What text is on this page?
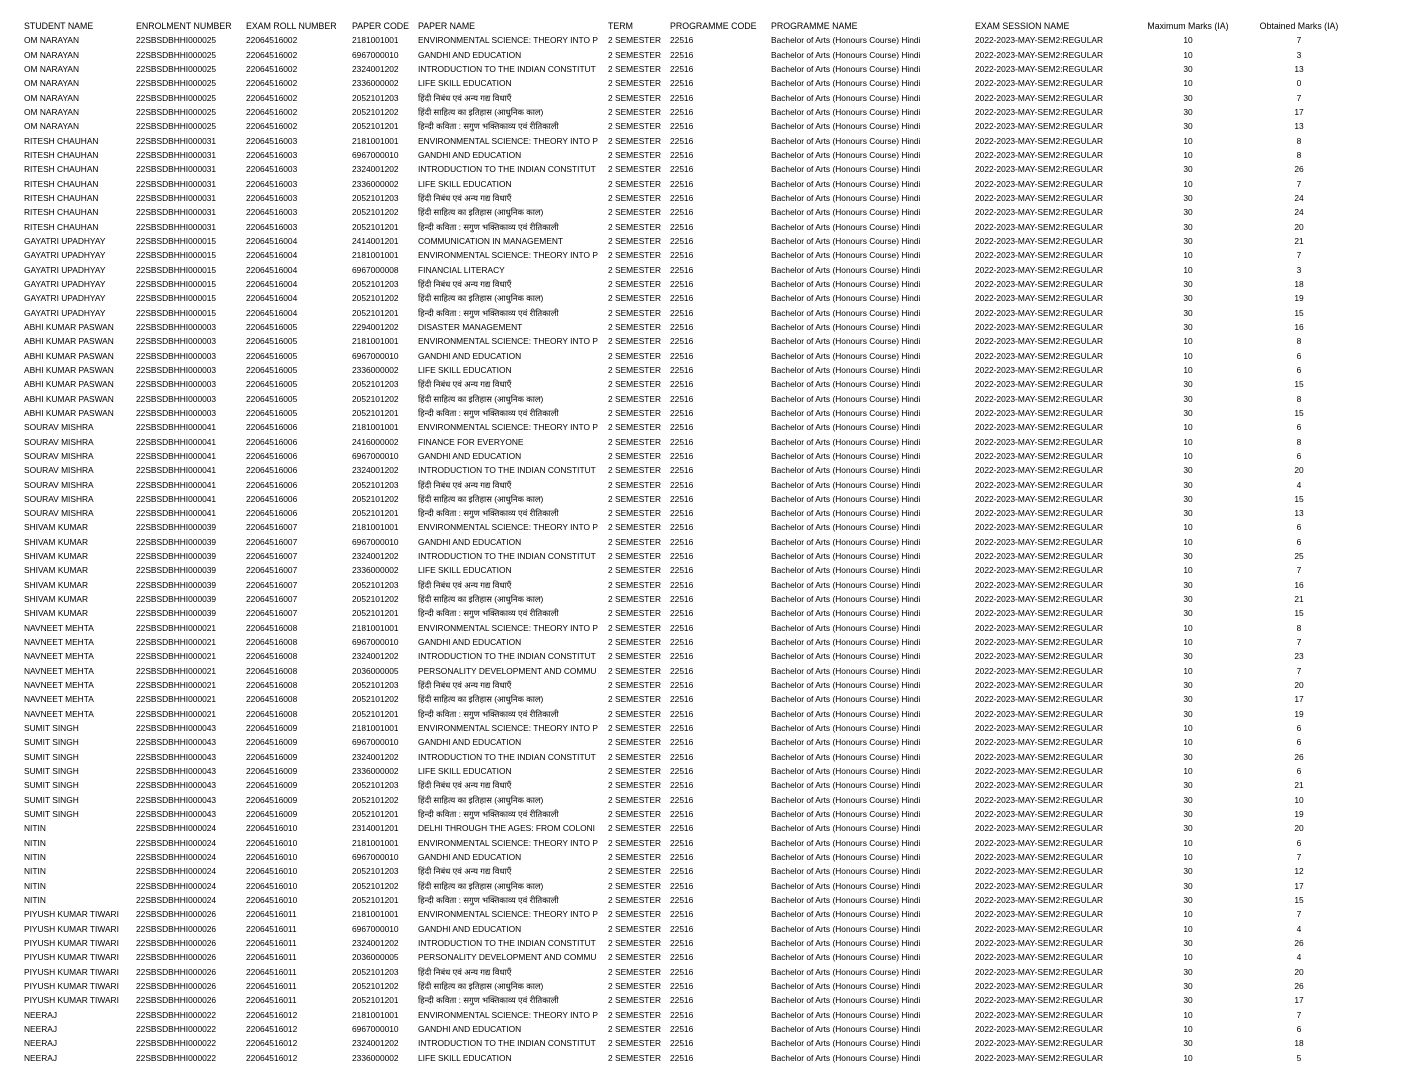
STUDENT NAME	ENROLMENT NUMBER	EXAM ROLL NUMBER	PAPER CODE	PAPER NAME	TERM	PROGRAMME CODE	PROGRAMME NAME	EXAM SESSION NAME	Maximum Marks (IA)	Obtained Marks (IA)
OM NARAYAN	22SBSDBHHI000025	22064516002	2181001001	ENVIRONMENTAL SCIENCE: THEORY INTO P	2 SEMESTER	22516	Bachelor of Arts (Honours Course) Hindi	2022-2023-MAY-SEM2:REGULAR	10	7
OM NARAYAN	22SBSDBHHI000025	22064516002	6967000010	GANDHI AND EDUCATION	2 SEMESTER	22516	Bachelor of Arts (Honours Course) Hindi	2022-2023-MAY-SEM2:REGULAR	10	3
OM NARAYAN	22SBSDBHHI000025	22064516002	2324001202	INTRODUCTION TO THE INDIAN CONSTITUT	2 SEMESTER	22516	Bachelor of Arts (Honours Course) Hindi	2022-2023-MAY-SEM2:REGULAR	30	13
OM NARAYAN	22SBSDBHHI000025	22064516002	2336000002	LIFE SKILL EDUCATION	2 SEMESTER	22516	Bachelor of Arts (Honours Course) Hindi	2022-2023-MAY-SEM2:REGULAR	10	0
OM NARAYAN	22SBSDBHHI000025	22064516002	2052101203	हिंदी निबंध एवं अन्य गद्य विधाएँ	2 SEMESTER	22516	Bachelor of Arts (Honours Course) Hindi	2022-2023-MAY-SEM2:REGULAR	30	7
OM NARAYAN	22SBSDBHHI000025	22064516002	2052101202	हिंदी साहित्य का इतिहास (आधुनिक काल)	2 SEMESTER	22516	Bachelor of Arts (Honours Course) Hindi	2022-2023-MAY-SEM2:REGULAR	30	17
OM NARAYAN	22SBSDBHHI000025	22064516002	2052101201	हिन्दी कविता : सगुण भक्तिकाव्य एवं रीतिकाली	2 SEMESTER	22516	Bachelor of Arts (Honours Course) Hindi	2022-2023-MAY-SEM2:REGULAR	30	13
RITESH CHAUHAN	22SBSDBHHI000031	22064516003	2181001001	ENVIRONMENTAL SCIENCE: THEORY INTO P	2 SEMESTER	22516	Bachelor of Arts (Honours Course) Hindi	2022-2023-MAY-SEM2:REGULAR	10	8
RITESH CHAUHAN	22SBSDBHHI000031	22064516003	6967000010	GANDHI AND EDUCATION	2 SEMESTER	22516	Bachelor of Arts (Honours Course) Hindi	2022-2023-MAY-SEM2:REGULAR	10	8
RITESH CHAUHAN	22SBSDBHHI000031	22064516003	2324001202	INTRODUCTION TO THE INDIAN CONSTITUT	2 SEMESTER	22516	Bachelor of Arts (Honours Course) Hindi	2022-2023-MAY-SEM2:REGULAR	30	26
RITESH CHAUHAN	22SBSDBHHI000031	22064516003	2336000002	LIFE SKILL EDUCATION	2 SEMESTER	22516	Bachelor of Arts (Honours Course) Hindi	2022-2023-MAY-SEM2:REGULAR	10	7
RITESH CHAUHAN	22SBSDBHHI000031	22064516003	2052101203	हिंदी निबंध एवं अन्य गद्य विधाएँ	2 SEMESTER	22516	Bachelor of Arts (Honours Course) Hindi	2022-2023-MAY-SEM2:REGULAR	30	24
RITESH CHAUHAN	22SBSDBHHI000031	22064516003	2052101202	हिंदी साहित्य का इतिहास (आधुनिक काल)	2 SEMESTER	22516	Bachelor of Arts (Honours Course) Hindi	2022-2023-MAY-SEM2:REGULAR	30	24
RITESH CHAUHAN	22SBSDBHHI000031	22064516003	2052101201	हिन्दी कविता : सगुण भक्तिकाव्य एवं रीतिकाली	2 SEMESTER	22516	Bachelor of Arts (Honours Course) Hindi	2022-2023-MAY-SEM2:REGULAR	30	20
GAYATRI UPADHYAY	22SBSDBHHI000015	22064516004	2414001201	COMMUNICATION IN MANAGEMENT	2 SEMESTER	22516	Bachelor of Arts (Honours Course) Hindi	2022-2023-MAY-SEM2:REGULAR	30	21
GAYATRI UPADHYAY	22SBSDBHHI000015	22064516004	2181001001	ENVIRONMENTAL SCIENCE: THEORY INTO P	2 SEMESTER	22516	Bachelor of Arts (Honours Course) Hindi	2022-2023-MAY-SEM2:REGULAR	10	7
GAYATRI UPADHYAY	22SBSDBHHI000015	22064516004	6967000008	FINANCIAL LITERACY	2 SEMESTER	22516	Bachelor of Arts (Honours Course) Hindi	2022-2023-MAY-SEM2:REGULAR	10	3
GAYATRI UPADHYAY	22SBSDBHHI000015	22064516004	2052101203	हिंदी निबंध एवं अन्य गद्य विधाएँ	2 SEMESTER	22516	Bachelor of Arts (Honours Course) Hindi	2022-2023-MAY-SEM2:REGULAR	30	18
GAYATRI UPADHYAY	22SBSDBHHI000015	22064516004	2052101202	हिंदी साहित्य का इतिहास (आधुनिक काल)	2 SEMESTER	22516	Bachelor of Arts (Honours Course) Hindi	2022-2023-MAY-SEM2:REGULAR	30	19
GAYATRI UPADHYAY	22SBSDBHHI000015	22064516004	2052101201	हिन्दी कविता : सगुण भक्तिकाव्य एवं रीतिकाली	2 SEMESTER	22516	Bachelor of Arts (Honours Course) Hindi	2022-2023-MAY-SEM2:REGULAR	30	15
ABHI KUMAR PASWAN	22SBSDBHHI000003	22064516005	2294001202	DISASTER MANAGEMENT	2 SEMESTER	22516	Bachelor of Arts (Honours Course) Hindi	2022-2023-MAY-SEM2:REGULAR	30	16
ABHI KUMAR PASWAN	22SBSDBHHI000003	22064516005	2181001001	ENVIRONMENTAL SCIENCE: THEORY INTO P	2 SEMESTER	22516	Bachelor of Arts (Honours Course) Hindi	2022-2023-MAY-SEM2:REGULAR	10	8
ABHI KUMAR PASWAN	22SBSDBHHI000003	22064516005	6967000010	GANDHI AND EDUCATION	2 SEMESTER	22516	Bachelor of Arts (Honours Course) Hindi	2022-2023-MAY-SEM2:REGULAR	10	6
ABHI KUMAR PASWAN	22SBSDBHHI000003	22064516005	2336000002	LIFE SKILL EDUCATION	2 SEMESTER	22516	Bachelor of Arts (Honours Course) Hindi	2022-2023-MAY-SEM2:REGULAR	10	6
ABHI KUMAR PASWAN	22SBSDBHHI000003	22064516005	2052101203	हिंदी निबंध एवं अन्य गद्य विधाएँ	2 SEMESTER	22516	Bachelor of Arts (Honours Course) Hindi	2022-2023-MAY-SEM2:REGULAR	30	15
ABHI KUMAR PASWAN	22SBSDBHHI000003	22064516005	2052101202	हिंदी साहित्य का इतिहास (आधुनिक काल)	2 SEMESTER	22516	Bachelor of Arts (Honours Course) Hindi	2022-2023-MAY-SEM2:REGULAR	30	8
ABHI KUMAR PASWAN	22SBSDBHHI000003	22064516005	2052101201	हिन्दी कविता : सगुण भक्तिकाव्य एवं रीतिकाली	2 SEMESTER	22516	Bachelor of Arts (Honours Course) Hindi	2022-2023-MAY-SEM2:REGULAR	30	15
SOURAV MISHRA	22SBSDBHHI000041	22064516006	2181001001	ENVIRONMENTAL SCIENCE: THEORY INTO P	2 SEMESTER	22516	Bachelor of Arts (Honours Course) Hindi	2022-2023-MAY-SEM2:REGULAR	10	6
SOURAV MISHRA	22SBSDBHHI000041	22064516006	2416000002	FINANCE FOR EVERYONE	2 SEMESTER	22516	Bachelor of Arts (Honours Course) Hindi	2022-2023-MAY-SEM2:REGULAR	10	8
SOURAV MISHRA	22SBSDBHHI000041	22064516006	6967000010	GANDHI AND EDUCATION	2 SEMESTER	22516	Bachelor of Arts (Honours Course) Hindi	2022-2023-MAY-SEM2:REGULAR	10	6
SOURAV MISHRA	22SBSDBHHI000041	22064516006	2324001202	INTRODUCTION TO THE INDIAN CONSTITUT	2 SEMESTER	22516	Bachelor of Arts (Honours Course) Hindi	2022-2023-MAY-SEM2:REGULAR	30	20
SOURAV MISHRA	22SBSDBHHI000041	22064516006	2052101203	हिंदी निबंध एवं अन्य गद्य विधाएँ	2 SEMESTER	22516	Bachelor of Arts (Honours Course) Hindi	2022-2023-MAY-SEM2:REGULAR	30	4
SOURAV MISHRA	22SBSDBHHI000041	22064516006	2052101202	हिंदी साहित्य का इतिहास (आधुनिक काल)	2 SEMESTER	22516	Bachelor of Arts (Honours Course) Hindi	2022-2023-MAY-SEM2:REGULAR	30	15
SOURAV MISHRA	22SBSDBHHI000041	22064516006	2052101201	हिन्दी कविता : सगुण भक्तिकाव्य एवं रीतिकाली	2 SEMESTER	22516	Bachelor of Arts (Honours Course) Hindi	2022-2023-MAY-SEM2:REGULAR	30	13
SHIVAM KUMAR	22SBSDBHHI000039	22064516007	2181001001	ENVIRONMENTAL SCIENCE: THEORY INTO P	2 SEMESTER	22516	Bachelor of Arts (Honours Course) Hindi	2022-2023-MAY-SEM2:REGULAR	10	6
SHIVAM KUMAR	22SBSDBHHI000039	22064516007	6967000010	GANDHI AND EDUCATION	2 SEMESTER	22516	Bachelor of Arts (Honours Course) Hindi	2022-2023-MAY-SEM2:REGULAR	10	6
SHIVAM KUMAR	22SBSDBHHI000039	22064516007	2324001202	INTRODUCTION TO THE INDIAN CONSTITUT	2 SEMESTER	22516	Bachelor of Arts (Honours Course) Hindi	2022-2023-MAY-SEM2:REGULAR	30	25
SHIVAM KUMAR	22SBSDBHHI000039	22064516007	2336000002	LIFE SKILL EDUCATION	2 SEMESTER	22516	Bachelor of Arts (Honours Course) Hindi	2022-2023-MAY-SEM2:REGULAR	10	7
SHIVAM KUMAR	22SBSDBHHI000039	22064516007	2052101203	हिंदी निबंध एवं अन्य गद्य विधाएँ	2 SEMESTER	22516	Bachelor of Arts (Honours Course) Hindi	2022-2023-MAY-SEM2:REGULAR	30	16
SHIVAM KUMAR	22SBSDBHHI000039	22064516007	2052101202	हिंदी साहित्य का इतिहास (आधुनिक काल)	2 SEMESTER	22516	Bachelor of Arts (Honours Course) Hindi	2022-2023-MAY-SEM2:REGULAR	30	21
SHIVAM KUMAR	22SBSDBHHI000039	22064516007	2052101201	हिन्दी कविता : सगुण भक्तिकाव्य एवं रीतिकाली	2 SEMESTER	22516	Bachelor of Arts (Honours Course) Hindi	2022-2023-MAY-SEM2:REGULAR	30	15
NAVNEET MEHTA	22SBSDBHHI000021	22064516008	2181001001	ENVIRONMENTAL SCIENCE: THEORY INTO P	2 SEMESTER	22516	Bachelor of Arts (Honours Course) Hindi	2022-2023-MAY-SEM2:REGULAR	10	8
NAVNEET MEHTA	22SBSDBHHI000021	22064516008	6967000010	GANDHI AND EDUCATION	2 SEMESTER	22516	Bachelor of Arts (Honours Course) Hindi	2022-2023-MAY-SEM2:REGULAR	10	7
NAVNEET MEHTA	22SBSDBHHI000021	22064516008	2324001202	INTRODUCTION TO THE INDIAN CONSTITUT	2 SEMESTER	22516	Bachelor of Arts (Honours Course) Hindi	2022-2023-MAY-SEM2:REGULAR	30	23
NAVNEET MEHTA	22SBSDBHHI000021	22064516008	2036000005	PERSONALITY DEVELOPMENT AND COMMU	2 SEMESTER	22516	Bachelor of Arts (Honours Course) Hindi	2022-2023-MAY-SEM2:REGULAR	10	7
NAVNEET MEHTA	22SBSDBHHI000021	22064516008	2052101203	हिंदी निबंध एवं अन्य गद्य विधाएँ	2 SEMESTER	22516	Bachelor of Arts (Honours Course) Hindi	2022-2023-MAY-SEM2:REGULAR	30	20
NAVNEET MEHTA	22SBSDBHHI000021	22064516008	2052101202	हिंदी साहित्य का इतिहास (आधुनिक काल)	2 SEMESTER	22516	Bachelor of Arts (Honours Course) Hindi	2022-2023-MAY-SEM2:REGULAR	30	17
NAVNEET MEHTA	22SBSDBHHI000021	22064516008	2052101201	हिन्दी कविता : सगुण भक्तिकाव्य एवं रीतिकाली	2 SEMESTER	22516	Bachelor of Arts (Honours Course) Hindi	2022-2023-MAY-SEM2:REGULAR	30	19
SUMIT SINGH	22SBSDBHHI000043	22064516009	2181001001	ENVIRONMENTAL SCIENCE: THEORY INTO P	2 SEMESTER	22516	Bachelor of Arts (Honours Course) Hindi	2022-2023-MAY-SEM2:REGULAR	10	6
SUMIT SINGH	22SBSDBHHI000043	22064516009	6967000010	GANDHI AND EDUCATION	2 SEMESTER	22516	Bachelor of Arts (Honours Course) Hindi	2022-2023-MAY-SEM2:REGULAR	10	6
SUMIT SINGH	22SBSDBHHI000043	22064516009	2324001202	INTRODUCTION TO THE INDIAN CONSTITUT	2 SEMESTER	22516	Bachelor of Arts (Honours Course) Hindi	2022-2023-MAY-SEM2:REGULAR	30	26
SUMIT SINGH	22SBSDBHHI000043	22064516009	2336000002	LIFE SKILL EDUCATION	2 SEMESTER	22516	Bachelor of Arts (Honours Course) Hindi	2022-2023-MAY-SEM2:REGULAR	10	6
SUMIT SINGH	22SBSDBHHI000043	22064516009	2052101203	हिंदी निबंध एवं अन्य गद्य विधाएँ	2 SEMESTER	22516	Bachelor of Arts (Honours Course) Hindi	2022-2023-MAY-SEM2:REGULAR	30	21
SUMIT SINGH	22SBSDBHHI000043	22064516009	2052101202	हिंदी साहित्य का इतिहास (आधुनिक काल)	2 SEMESTER	22516	Bachelor of Arts (Honours Course) Hindi	2022-2023-MAY-SEM2:REGULAR	30	10
SUMIT SINGH	22SBSDBHHI000043	22064516009	2052101201	हिन्दी कविता : सगुण भक्तिकाव्य एवं रीतिकाली	2 SEMESTER	22516	Bachelor of Arts (Honours Course) Hindi	2022-2023-MAY-SEM2:REGULAR	30	19
NITIN	22SBSDBHHI000024	22064516010	2314001201	DELHI THROUGH THE AGES: FROM COLONI	2 SEMESTER	22516	Bachelor of Arts (Honours Course) Hindi	2022-2023-MAY-SEM2:REGULAR	30	20
NITIN	22SBSDBHHI000024	22064516010	2181001001	ENVIRONMENTAL SCIENCE: THEORY INTO P	2 SEMESTER	22516	Bachelor of Arts (Honours Course) Hindi	2022-2023-MAY-SEM2:REGULAR	10	6
NITIN	22SBSDBHHI000024	22064516010	6967000010	GANDHI AND EDUCATION	2 SEMESTER	22516	Bachelor of Arts (Honours Course) Hindi	2022-2023-MAY-SEM2:REGULAR	10	7
NITIN	22SBSDBHHI000024	22064516010	2052101203	हिंदी निबंध एवं अन्य गद्य विधाएँ	2 SEMESTER	22516	Bachelor of Arts (Honours Course) Hindi	2022-2023-MAY-SEM2:REGULAR	30	12
NITIN	22SBSDBHHI000024	22064516010	2052101202	हिंदी साहित्य का इतिहास (आधुनिक काल)	2 SEMESTER	22516	Bachelor of Arts (Honours Course) Hindi	2022-2023-MAY-SEM2:REGULAR	30	17
NITIN	22SBSDBHHI000024	22064516010	2052101201	हिन्दी कविता : सगुण भक्तिकाव्य एवं रीतिकाली	2 SEMESTER	22516	Bachelor of Arts (Honours Course) Hindi	2022-2023-MAY-SEM2:REGULAR	30	15
PIYUSH KUMAR TIWARI	22SBSDBHHI000026	22064516011	2181001001	ENVIRONMENTAL SCIENCE: THEORY INTO P	2 SEMESTER	22516	Bachelor of Arts (Honours Course) Hindi	2022-2023-MAY-SEM2:REGULAR	10	7
PIYUSH KUMAR TIWARI	22SBSDBHHI000026	22064516011	6967000010	GANDHI AND EDUCATION	2 SEMESTER	22516	Bachelor of Arts (Honours Course) Hindi	2022-2023-MAY-SEM2:REGULAR	10	4
PIYUSH KUMAR TIWARI	22SBSDBHHI000026	22064516011	2324001202	INTRODUCTION TO THE INDIAN CONSTITUT	2 SEMESTER	22516	Bachelor of Arts (Honours Course) Hindi	2022-2023-MAY-SEM2:REGULAR	30	26
PIYUSH KUMAR TIWARI	22SBSDBHHI000026	22064516011	2036000005	PERSONALITY DEVELOPMENT AND COMMU	2 SEMESTER	22516	Bachelor of Arts (Honours Course) Hindi	2022-2023-MAY-SEM2:REGULAR	10	4
PIYUSH KUMAR TIWARI	22SBSDBHHI000026	22064516011	2052101203	हिंदी निबंध एवं अन्य गद्य विधाएँ	2 SEMESTER	22516	Bachelor of Arts (Honours Course) Hindi	2022-2023-MAY-SEM2:REGULAR	30	20
PIYUSH KUMAR TIWARI	22SBSDBHHI000026	22064516011	2052101202	हिंदी साहित्य का इतिहास (आधुनिक काल)	2 SEMESTER	22516	Bachelor of Arts (Honours Course) Hindi	2022-2023-MAY-SEM2:REGULAR	30	26
PIYUSH KUMAR TIWARI	22SBSDBHHI000026	22064516011	2052101201	हिन्दी कविता : सगुण भक्तिकाव्य एवं रीतिकाली	2 SEMESTER	22516	Bachelor of Arts (Honours Course) Hindi	2022-2023-MAY-SEM2:REGULAR	30	17
NEERAJ	22SBSDBHHI000022	22064516012	2181001001	ENVIRONMENTAL SCIENCE: THEORY INTO P	2 SEMESTER	22516	Bachelor of Arts (Honours Course) Hindi	2022-2023-MAY-SEM2:REGULAR	10	7
NEERAJ	22SBSDBHHI000022	22064516012	6967000010	GANDHI AND EDUCATION	2 SEMESTER	22516	Bachelor of Arts (Honours Course) Hindi	2022-2023-MAY-SEM2:REGULAR	10	6
NEERAJ	22SBSDBHHI000022	22064516012	2324001202	INTRODUCTION TO THE INDIAN CONSTITUT	2 SEMESTER	22516	Bachelor of Arts (Honours Course) Hindi	2022-2023-MAY-SEM2:REGULAR	30	18
NEERAJ	22SBSDBHHI000022	22064516012	2336000002	LIFE SKILL EDUCATION	2 SEMESTER	22516	Bachelor of Arts (Honours Course) Hindi	2022-2023-MAY-SEM2:REGULAR	10	5
